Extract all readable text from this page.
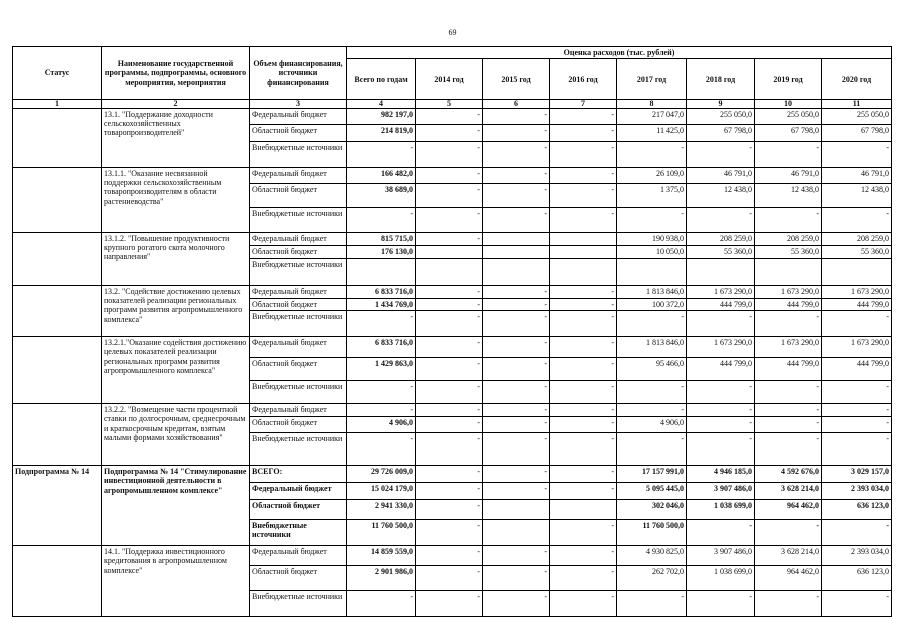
69
Статус	Наименование государственной программы, подпрограммы, основного мероприятия, мероприятия	Объем финансирования, источники финансирования	Оценка расходов (тыс. рублей)							
			Всего по годам	2014 год	2015 год	2016 год	2017 год	2018 год	2019 год	2020 год
1	2	3	4	5	6	7	8	9	10	11
	13.1. "Поддержание доходности сельскохозяйственных товаропроизводителей"	Федеральный бюджет	982 197,0	-	-	-	217 047,0	255 050,0	255 050,0	255 050,0
		Областной бюджет	214 819,0	-	-	-	11 425,0	67 798,0	67 798,0	67 798,0
		Внебюджетные источники	-	-	-	-	-	-	-	-
	13.1.1. "Оказание несвязанной поддержки сельскохозяйственным товаропроизводителям в области растениеводства"	Федеральный бюджет	166 482,0	-	-	-	26 109,0	46 791,0	46 791,0	46 791,0
		Областной бюджет	38 689,0	-	-	-	1 375,0	12 438,0	12 438,0	12 438,0
		Внебюджетные источники	-	-	-	-	-	-	-	-
	13.1.2. "Повышение продуктивности крупного рогатого скота молочного направления"	Федеральный бюджет	815 715,0	-			190 938,0	208 259,0	208 259,0	208 259,0
		Областной бюджет	176 130,0				10 050,0	55 360,0	55 360,0	55 360,0
		Внебюджетные источники								
	13.2. "Содействие достижению целевых показателей реализации региональных программ развития агропромышленного комплекса"	Федеральный бюджет	6 833 716,0	-	-	-	1 813 846,0	1 673 290,0	1 673 290,0	1 673 290,0
		Областной бюджет	1 434 769,0	-	-	-	100 372,0	444 799,0	444 799,0	444 799,0
		Внебюджетные источники	-	-	-	-	-	-	-	-
	13.2.1."Оказание содействия достижению целевых показателей реализации региональных программ развития агропромышленного комплекса"	Федеральный бюджет	6 833 716,0	-	-	-	1 813 846,0	1 673 290,0	1 673 290,0	1 673 290,0
		Областной бюджет	1 429 863,0	-	-	-	95 466,0	444 799,0	444 799,0	444 799,0
		Внебюджетные источники	-	-	-	-	-	-	-	-
	13.2.2. "Возмещение части процентной ставки по долгосрочным, среднесрочным и краткосрочным кредитам, взятым малыми формами хозяйствования"	Федеральный бюджет	-	-	-	-	-	-	-	-
		Областной бюджет	4 906,0	-	-	-	4 906,0	-	-	-
		Внебюджетные источники	-	-	-	-	-	-	-	-
Подпрограмма № 14	Подпрограмма № 14 "Стимулирование инвестиционной деятельности в агропромышленном комплексе"	ВСЕГО:	29 726 009,0	-	-	-	17 157 991,0	4 946 185,0	4 592 676,0	3 029 157,0
		Федеральный бюджет	15 024 179,0	-	-	-	5 095 445,0	3 907 486,0	3 628 214,0	2 393 034,0
		Областной бюджет	2 941 330,0	-			302 046,0	1 038 699,0	964 462,0	636 123,0
		Внебюджетные источники	11 760 500,0	-		-	11 760 500,0	-	-	-
	14.1. "Поддержка инвестиционного кредитования в агропромышленном комплексе"	Федеральный бюджет	14 859 559,0	-	-	-	4 930 825,0	3 907 486,0	3 628 214,0	2 393 034,0
		Областной бюджет	2 901 986,0	-	-	-	262 702,0	1 038 699,0	964 462,0	636 123,0
		Внебюджетные источники	-	-	-	-	-	-	-	-
